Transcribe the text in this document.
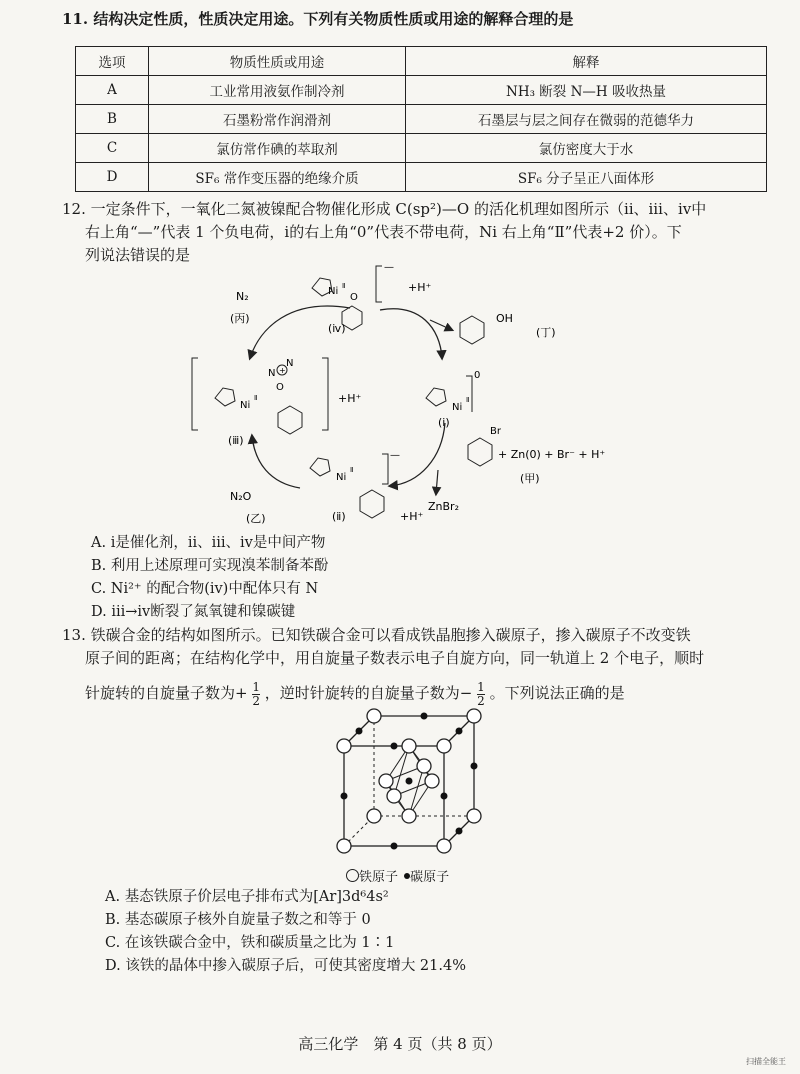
11. 结构决定性质，性质决定用途。下列有关物质性质或用途的解释合理的是
选项	物质性质或用途	解释
A	工业常用液氨作制冷剂	NH₃ 断裂 N—H 吸收热量
B	石墨粉常作润滑剂	石墨层与层之间存在微弱的范德华力
C	氯仿常作碘的萃取剂	氯仿密度大于水
D	SF₆ 常作变压器的绝缘介质	SF₆ 分子呈正八面体形
12. 一定条件下，一氧化二氮被镍配合物催化形成 C(sp²)—O 的活化机理如图所示（ⅱ、ⅲ、ⅳ中
右上角“—”代表 1 个负电荷，ⅰ的右上角“0”代表不带电荷，Ni 右上角“Ⅱ”代表+2 价）。下
列说法错误的是
Ni Ⅱ
O
—
(ⅳ)
+H⁺
N₂
(丙)	OH
(丁)
Ni
Ⅱ
N
N
O
+
(ⅲ)
+H⁺
Ni
Ⅱ
0
(ⅰ)
Br
+ Zn(0) + Br⁻ + H⁺
(甲)
ZnBr₂
Ni
Ⅱ
—
(ⅱ)	+H⁺
N₂O
(乙)
A. ⅰ是催化剂，ⅱ、ⅲ、ⅳ是中间产物
B. 利用上述原理可实现溴苯制备苯酚
C. Ni²⁺ 的配合物(ⅳ)中配体只有 N
D. ⅲ→ⅳ断裂了氮氧键和镍碳键
13. 铁碳合金的结构如图所示。已知铁碳合金可以看成铁晶胞掺入碳原子，掺入碳原子不改变铁
原子间的距离；在结构化学中，用自旋量子数表示电子自旋方向，同一轨道上 2 个电子，顺时
针旋转的自旋量子数为+ $\frac{1}{2}$ ，逆时针旋转的自旋量子数为− $\frac{1}{2}$ 。下列说法正确的是
铁原子 碳原子
A. 基态铁原子价层电子排布式为[Ar]3d⁶4s²
B. 基态碳原子核外自旋量子数之和等于 0
C. 在该铁碳合金中，铁和碳质量之比为 1∶1
D. 该铁的晶体中掺入碳原子后，可使其密度增大 21.4%
高三化学　第 4 页（共 8 页）
扫描全能王
